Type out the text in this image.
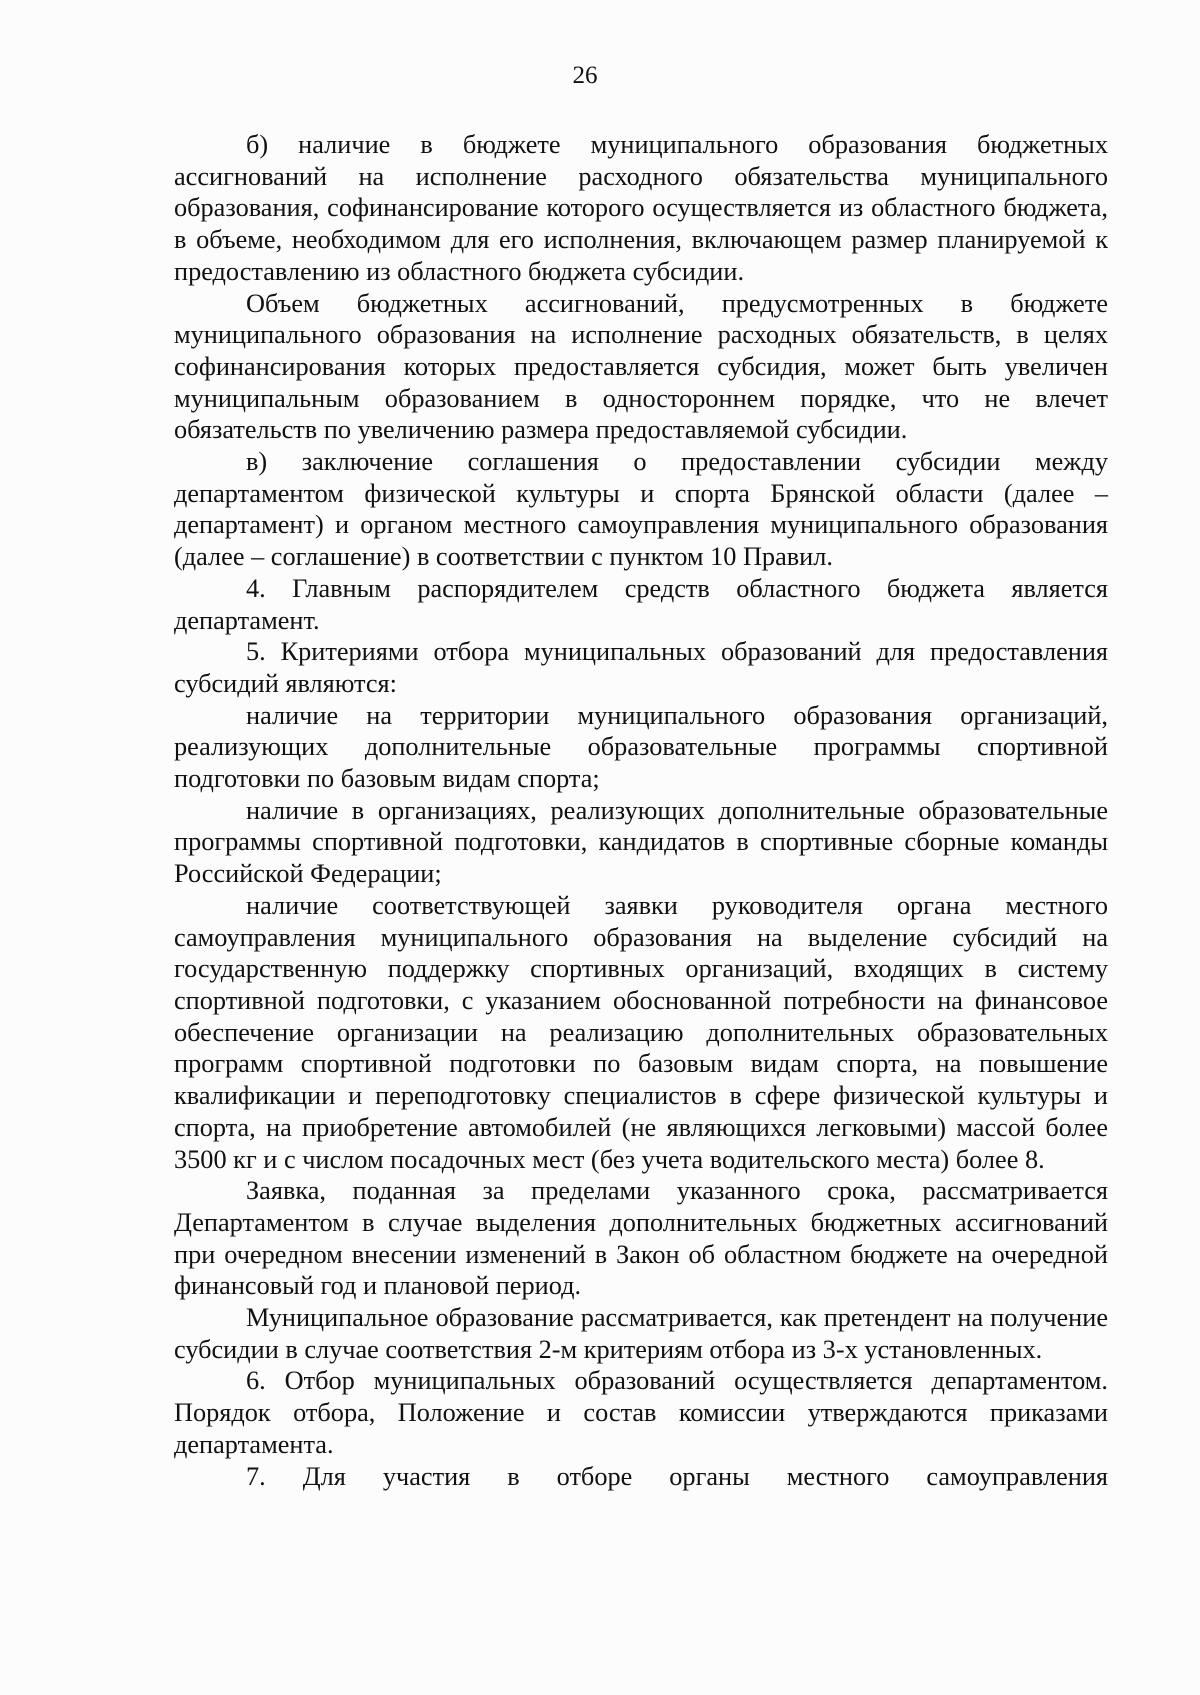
26

б) наличие в бюджете муниципального образования бюджетных ассигнований на исполнение расходного обязательства муниципального образования, софинансирование которого осуществляется из областного бюджета, в объеме, необходимом для его исполнения, включающем размер планируемой к предоставлению из областного бюджета субсидии.

Объем бюджетных ассигнований, предусмотренных в бюджете муниципального образования на исполнение расходных обязательств, в целях софинансирования которых предоставляется субсидия, может быть увеличен муниципальным образованием в одностороннем порядке, что не влечет обязательств по увеличению размера предоставляемой субсидии.

в) заключение соглашения о предоставлении субсидии между департаментом физической культуры и спорта Брянской области (далее – департамент) и органом местного самоуправления муниципального образования (далее – соглашение) в соответствии с пунктом 10 Правил.

4. Главным распорядителем средств областного бюджета является департамент.

5. Критериями отбора муниципальных образований для предоставления субсидий являются:

наличие на территории муниципального образования организаций, реализующих дополнительные образовательные программы спортивной подготовки по базовым видам спорта;

наличие в организациях, реализующих дополнительные образовательные программы спортивной подготовки, кандидатов в спортивные сборные команды Российской Федерации;

наличие соответствующей заявки руководителя органа местного самоуправления муниципального образования на выделение субсидий на государственную поддержку спортивных организаций, входящих в систему спортивной подготовки, с указанием обоснованной потребности на финансовое обеспечение организации на реализацию дополнительных образовательных программ спортивной подготовки по базовым видам спорта, на повышение квалификации и переподготовку специалистов в сфере физической культуры и спорта, на приобретение автомобилей (не являющихся легковыми) массой более 3500 кг и с числом посадочных мест (без учета водительского места) более 8.

Заявка, поданная за пределами указанного срока, рассматривается Департаментом в случае выделения дополнительных бюджетных ассигнований при очередном внесении изменений в Закон об областном бюджете на очередной финансовый год и плановой период.

Муниципальное образование рассматривается, как претендент на получение субсидии в случае соответствия 2-м критериям отбора из 3-х установленных.

6. Отбор муниципальных образований осуществляется департаментом. Порядок отбора, Положение и состав комиссии утверждаются приказами департамента.

7. Для участия в отборе органы местного самоуправления
